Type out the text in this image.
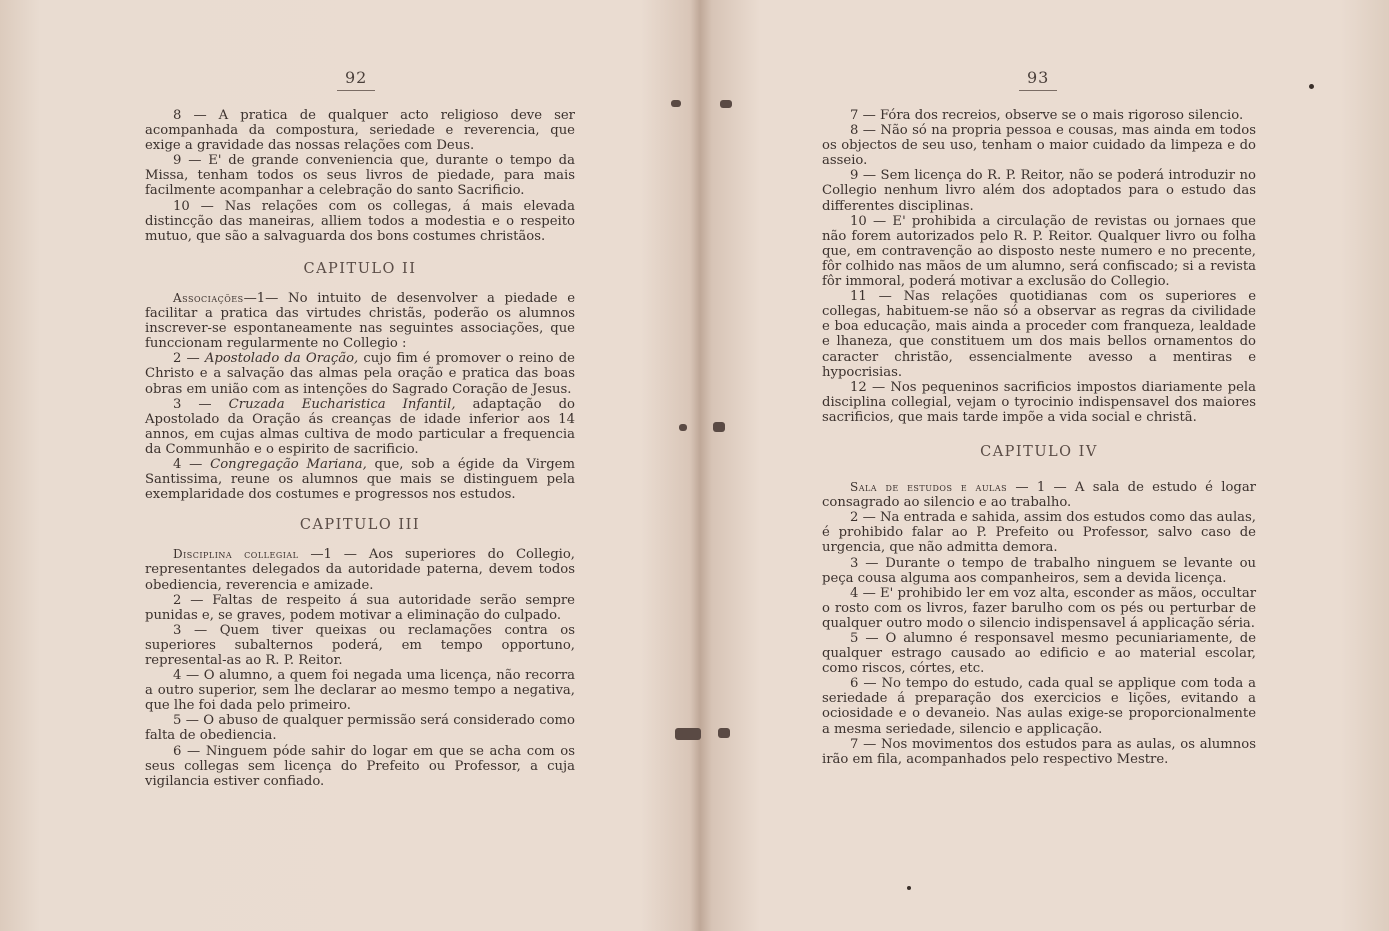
92

8 — A pratica de qualquer acto religioso deve ser acompanhada da compostura, seriedade e reverencia, que exige a gravidade das nossas relações com Deus.

9 — E' de grande conveniencia que, durante o tempo da Missa, tenham todos os seus livros de piedade, para mais facilmente acompanhar a celebração do santo Sacrificio.

10 — Nas relações com os collegas, á mais elevada distincção das maneiras, alliem todos a modestia e o respeito mutuo, que são a salvaguarda dos bons costumes christãos.

CAPITULO II

Associações—1— No intuito de desenvolver a piedade e facilitar a pratica das virtudes christãs, poderão os alumnos inscrever-se espontaneamente nas seguintes associações, que funccionam regularmente no Collegio :

2 — Apostolado da Oração, cujo fim é promover o reino de Christo e a salvação das almas pela oração e pratica das boas obras em união com as intenções do Sagrado Coração de Jesus.

3 — Cruzada Eucharistica Infantil, adaptação do Apostolado da Oração ás creanças de idade inferior aos 14 annos, em cujas almas cultiva de modo particular a frequencia da Communhão e o espirito de sacrificio.

4 — Congregação Mariana, que, sob a égide da Virgem Santissima, reune os alumnos que mais se distinguem pela exemplaridade dos costumes e progressos nos estudos.

CAPITULO III

Disciplina collegial —1 — Aos superiores do Collegio, representantes delegados da autoridade paterna, devem todos obediencia, reverencia e amizade.

2 — Faltas de respeito á sua autoridade serão sempre punidas e, se graves, podem motivar a eliminação do culpado.

3 — Quem tiver queixas ou reclamações contra os superiores subalternos poderá, em tempo opportuno, represental-as ao R. P. Reitor.

4 — O alumno, a quem foi negada uma licença, não recorra a outro superior, sem lhe declarar ao mesmo tempo a negativa, que lhe foi dada pelo primeiro.

5 — O abuso de qualquer permissão será considerado como falta de obediencia.

6 — Ninguem póde sahir do logar em que se acha com os seus collegas sem licença do Prefeito ou Professor, a cuja vigilancia estiver confiado.

93

7 — Fóra dos recreios, observe se o mais rigoroso silencio.

8 — Não só na propria pessoa e cousas, mas ainda em todos os objectos de seu uso, tenham o maior cuidado da limpeza e do asseio.

9 — Sem licença do R. P. Reitor, não se poderá introduzir no Collegio nenhum livro além dos adoptados para o estudo das differentes disciplinas.

10 — E' prohibida a circulação de revistas ou jornaes que não forem autorizados pelo R. P. Reitor. Qualquer livro ou folha que, em contravenção ao disposto neste numero e no precente, fôr colhido nas mãos de um alumno, será confiscado; si a revista fôr immoral, poderá motivar a exclusão do Collegio.

11 — Nas relações quotidianas com os superiores e collegas, habituem-se não só a observar as regras da civilidade e boa educação, mais ainda a proceder com franqueza, lealdade e lhaneza, que constituem um dos mais bellos ornamentos do caracter christão, essencialmente avesso a mentiras e hypocrisias.

12 — Nos pequeninos sacrificios impostos diariamente pela disciplina collegial, vejam o tyrocinio indispensavel dos maiores sacrificios, que mais tarde impõe a vida social e christã.

CAPITULO IV

Sala de estudos e aulas — 1 — A sala de estudo é logar consagrado ao silencio e ao trabalho.

2 — Na entrada e sahida, assim dos estudos como das aulas, é prohibido falar ao P. Prefeito ou Professor, salvo caso de urgencia, que não admitta demora.

3 — Durante o tempo de trabalho ninguem se levante ou peça cousa alguma aos companheiros, sem a devida licença.

4 — E' prohibido ler em voz alta, esconder as mãos, occultar o rosto com os livros, fazer barulho com os pés ou perturbar de qualquer outro modo o silencio indispensavel á applicação séria.

5 — O alumno é responsavel mesmo pecuniariamente, de qualquer estrago causado ao edificio e ao material escolar, como riscos, córtes, etc.

6 — No tempo do estudo, cada qual se applique com toda a seriedade á preparação dos exercicios e lições, evitando a ociosidade e o devaneio. Nas aulas exige-se proporcionalmente a mesma seriedade, silencio e applicação.

7 — Nos movimentos dos estudos para as aulas, os alumnos irão em fila, acompanhados pelo respectivo Mestre.
